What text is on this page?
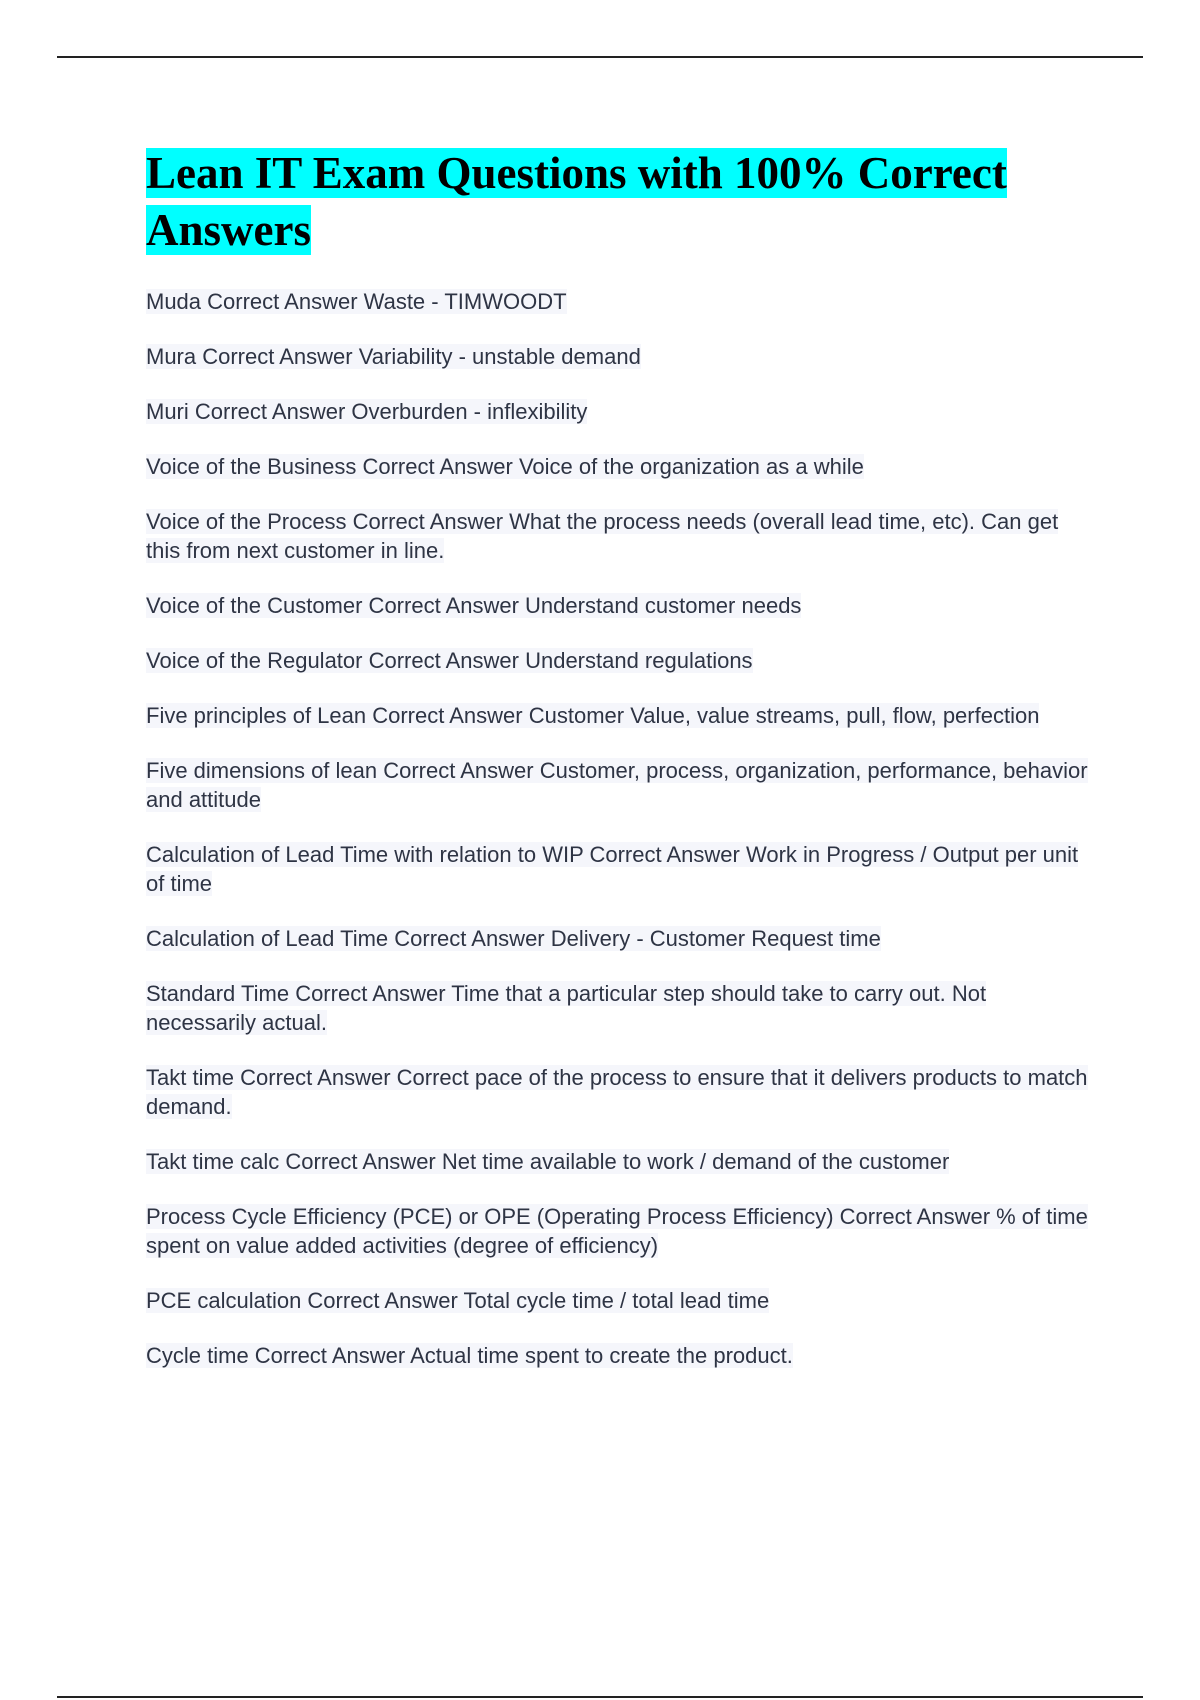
Lean IT Exam Questions with 100% Correct Answers

Muda Correct Answer Waste - TIMWOODT

Mura Correct Answer Variability - unstable demand

Muri Correct Answer Overburden - inflexibility

Voice of the Business Correct Answer Voice of the organization as a while

Voice of the Process Correct Answer What the process needs (overall lead time, etc). Can get this from next customer in line.

Voice of the Customer Correct Answer Understand customer needs

Voice of the Regulator Correct Answer Understand regulations

Five principles of Lean Correct Answer Customer Value, value streams, pull, flow, perfection

Five dimensions of lean Correct Answer Customer, process, organization, performance, behavior and attitude

Calculation of Lead Time with relation to WIP Correct Answer Work in Progress / Output per unit of time

Calculation of Lead Time Correct Answer Delivery - Customer Request time

Standard Time Correct Answer Time that a particular step should take to carry out. Not necessarily actual.

Takt time Correct Answer Correct pace of the process to ensure that it delivers products to match demand.

Takt time calc Correct Answer Net time available to work / demand of the customer

Process Cycle Efficiency (PCE) or OPE (Operating Process Efficiency) Correct Answer % of time spent on value added activities (degree of efficiency)

PCE calculation Correct Answer Total cycle time / total lead time

Cycle time Correct Answer Actual time spent to create the product.
